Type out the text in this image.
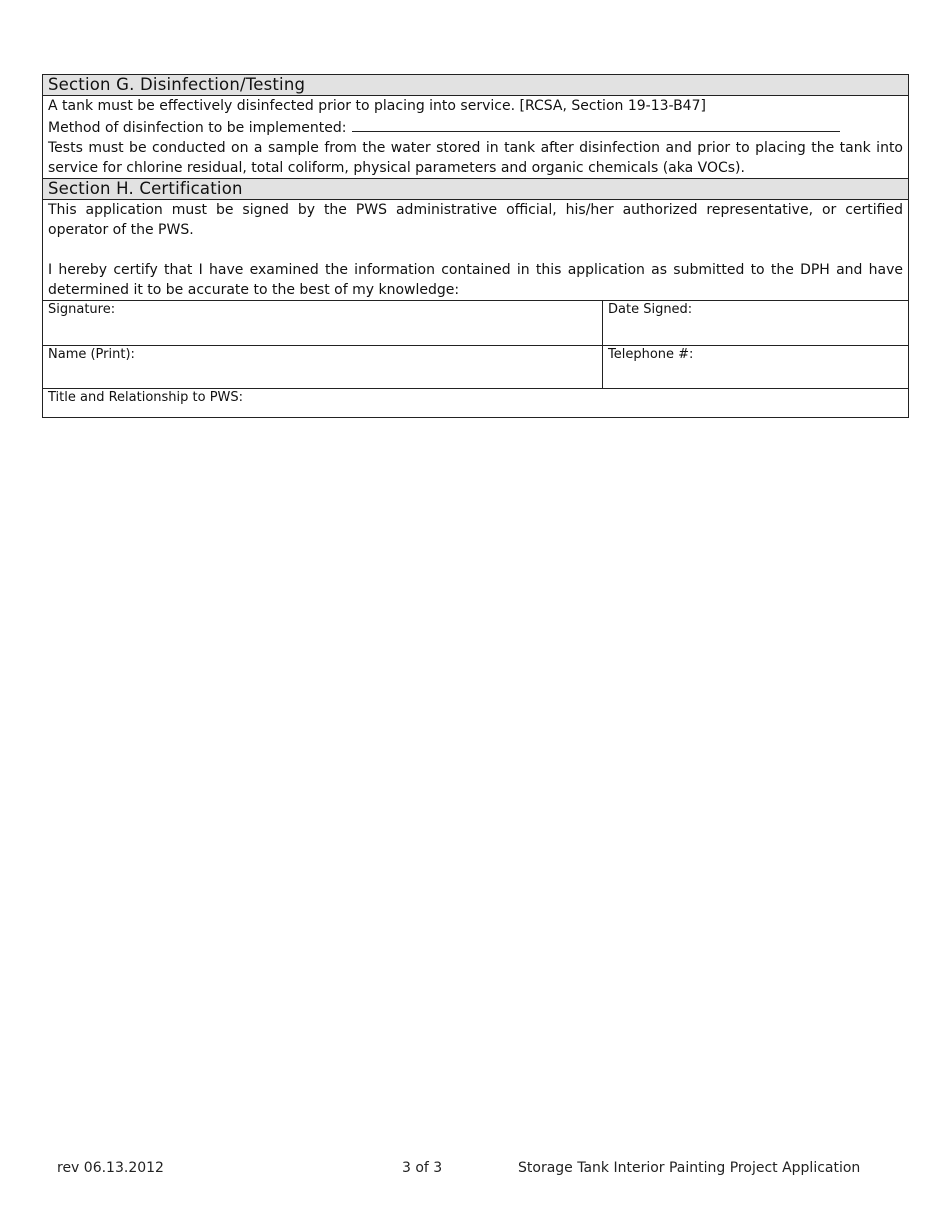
Section G. Disinfection/Testing	

A tank must be effectively disinfected prior to placing into service. [RCSA, Section 19-13-B47]

Method of disinfection to be implemented:

Tests must be conducted on a sample from the water stored in tank after disinfection and prior to placing the tank into service for chlorine residual, total coliform, physical parameters and organic chemicals (aka VOCs).	

Section H. Certification	

This application must be signed by the PWS administrative official, his/her authorized representative, or certified operator of the PWS.

I hereby certify that I have examined the information contained in this application as submitted to the DPH and have determined it to be accurate to the best of my knowledge:	

Signature:	Date Signed:
Name (Print):	Telephone #:
Title and Relationship to PWS:	
rev 06.13.2012	3 of 3	Storage Tank Interior Painting Project Application
